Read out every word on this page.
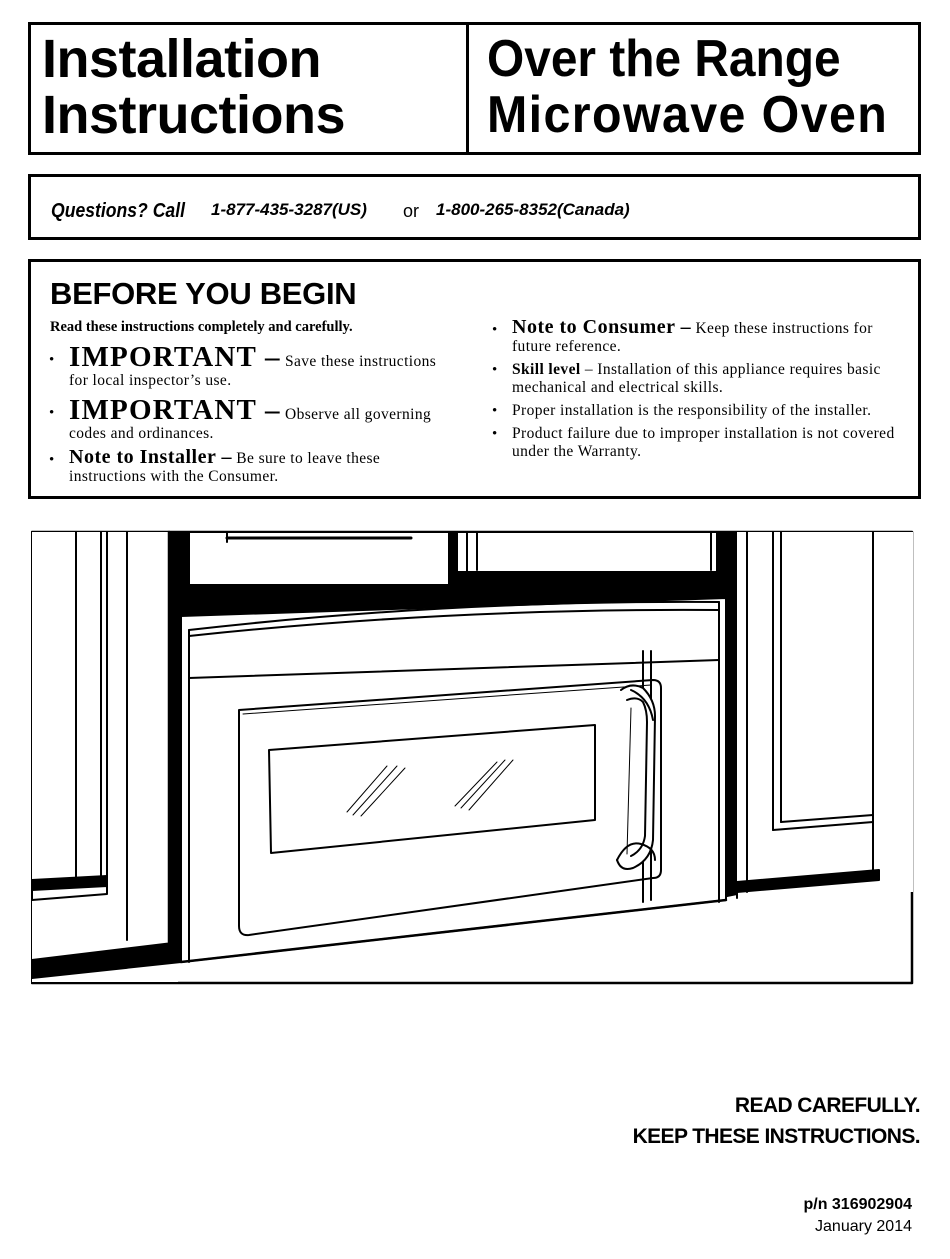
Installation
Instructions
Over the Range
Microwave Oven
Questions? Call 1-877-435-3287(US) or 1-800-265-8352(Canada)
BEFORE YOU BEGIN
Read these instructions completely and carefully.
• IMPORTANT – Save these instructions for local inspector’s use.
• IMPORTANT – Observe all governing codes and ordinances.
• Note to Installer – Be sure to leave these instructions with the Consumer.
• Note to Consumer – Keep these instructions for future reference.
• Skill level – Installation of this appliance requires basic mechanical and electrical skills.
• Proper installation is the responsibility of the installer.
• Product failure due to improper installation is not covered under the Warranty.
READ CAREFULLY.
KEEP THESE INSTRUCTIONS.
p/n 316902904
January 2014
